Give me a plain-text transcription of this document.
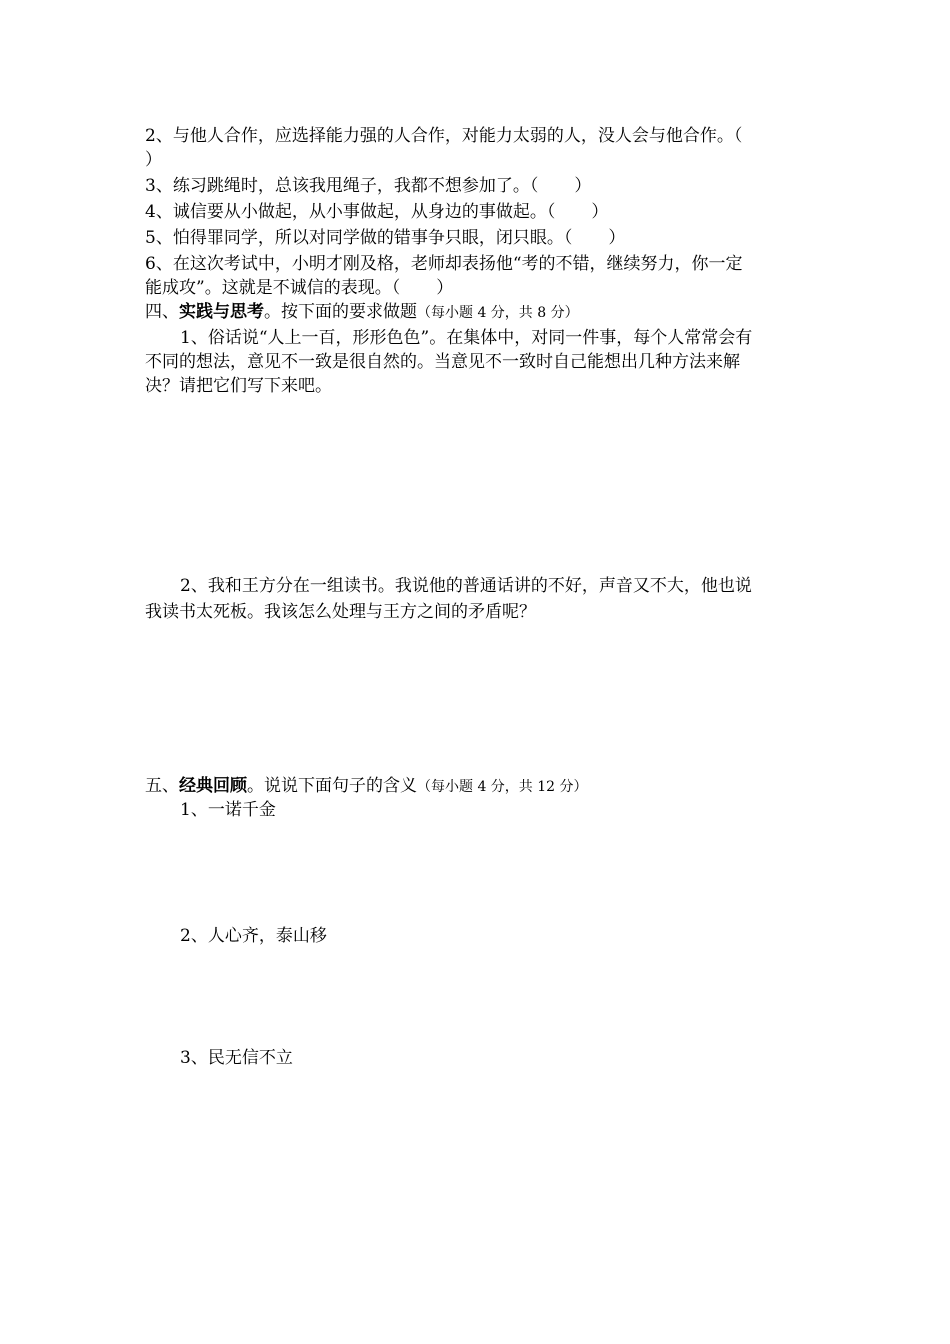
2、与他人合作，应选择能力强的人合作，对能力太弱的人，没人会与他合作。（
）
3、练习跳绳时，总该我甩绳子，我都不想参加了。（ ）
4、诚信要从小做起，从小事做起，从身边的事做起。（ ）
5、怕得罪同学，所以对同学做的错事争只眼，闭只眼。（ ）
6、在这次考试中，小明才刚及格，老师却表扬他“考的不错，继续努力，你一定
能成攻”。这就是不诚信的表现。（ ）
四、实践与思考。按下面的要求做题（每小题 4 分，共 8 分）
1、俗话说“人上一百，形形色色”。在集体中，对同一件事，每个人常常会有
不同的想法，意见不一致是很自然的。当意见不一致时自己能想出几种方法来解
决？请把它们写下来吧。
2、我和王方分在一组读书。我说他的普通话讲的不好，声音又不大，他也说
我读书太死板。我该怎么处理与王方之间的矛盾呢？
五、经典回顾。说说下面句子的含义（每小题 4 分，共 12 分）
1、一诺千金
2、人心齐，泰山移
3、民无信不立
